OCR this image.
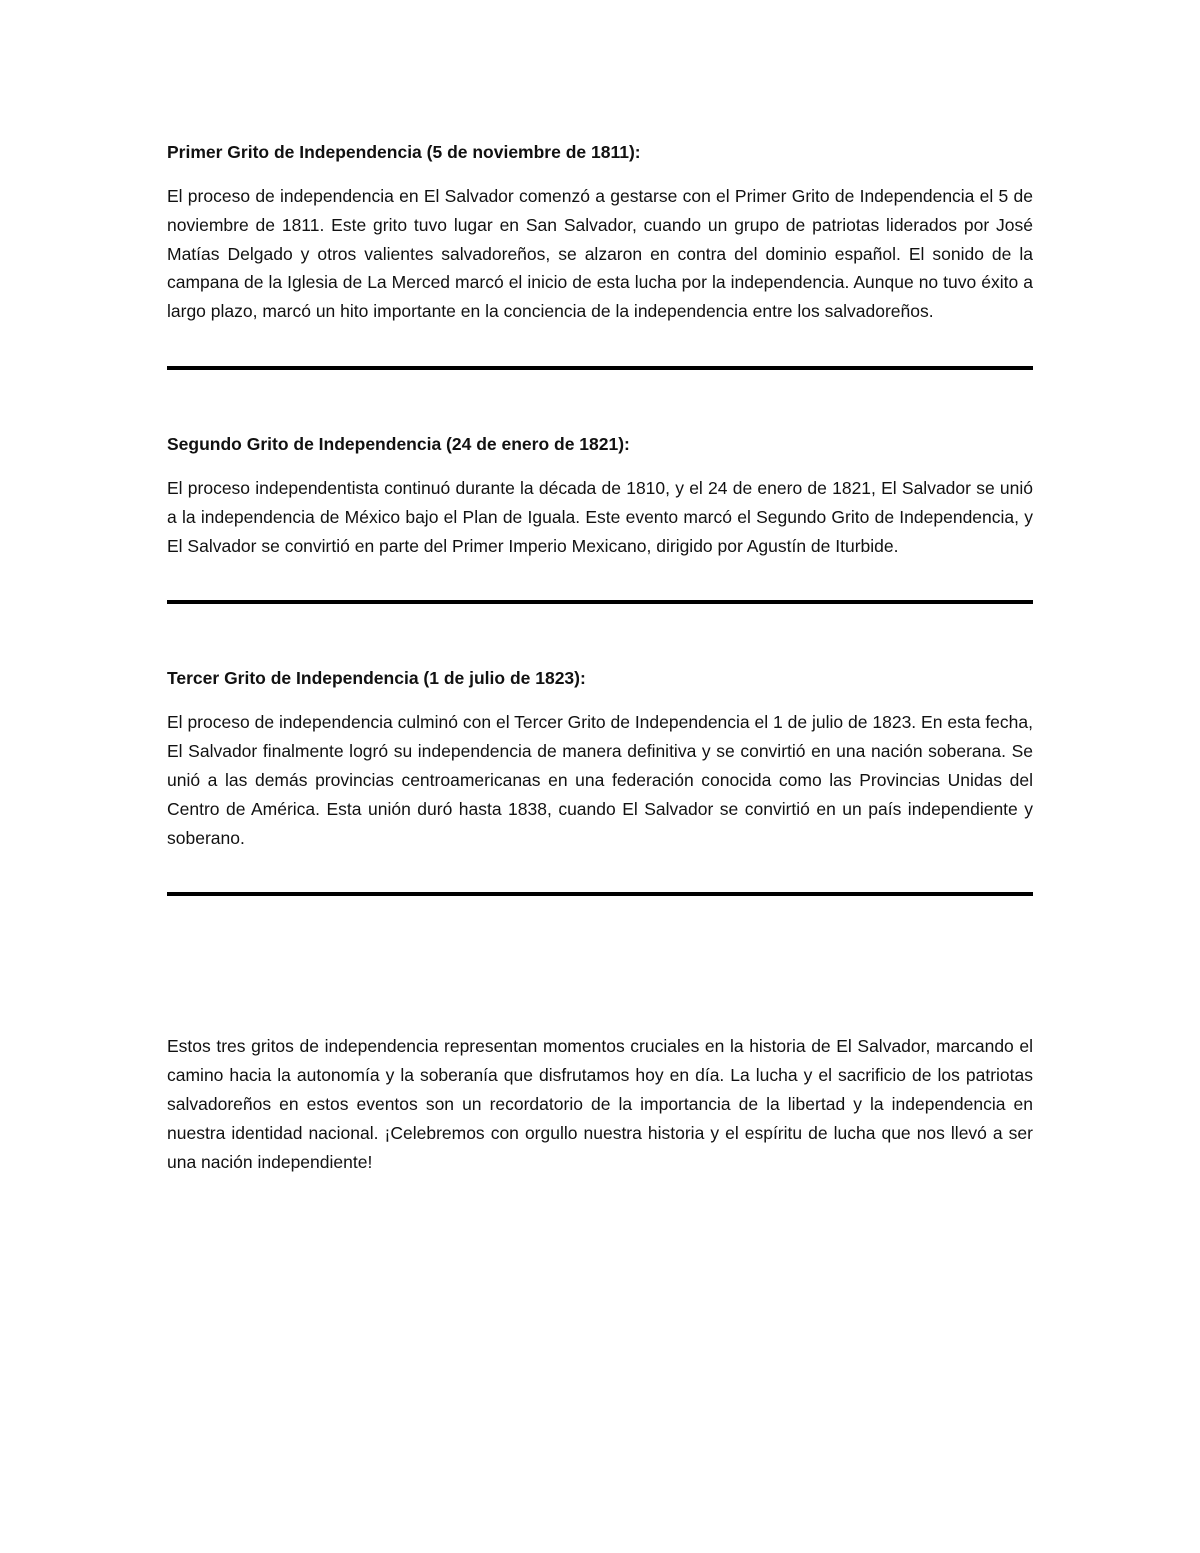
Primer Grito de Independencia (5 de noviembre de 1811):

El proceso de independencia en El Salvador comenzó a gestarse con el Primer Grito de Independencia el 5 de noviembre de 1811. Este grito tuvo lugar en San Salvador, cuando un grupo de patriotas liderados por José Matías Delgado y otros valientes salvadoreños, se alzaron en contra del dominio español. El sonido de la campana de la Iglesia de La Merced marcó el inicio de esta lucha por la independencia. Aunque no tuvo éxito a largo plazo, marcó un hito importante en la conciencia de la independencia entre los salvadoreños.

Segundo Grito de Independencia (24 de enero de 1821):

El proceso independentista continuó durante la década de 1810, y el 24 de enero de 1821, El Salvador se unió a la independencia de México bajo el Plan de Iguala. Este evento marcó el Segundo Grito de Independencia, y El Salvador se convirtió en parte del Primer Imperio Mexicano, dirigido por Agustín de Iturbide.

Tercer Grito de Independencia (1 de julio de 1823):

El proceso de independencia culminó con el Tercer Grito de Independencia el 1 de julio de 1823. En esta fecha, El Salvador finalmente logró su independencia de manera definitiva y se convirtió en una nación soberana. Se unió a las demás provincias centroamericanas en una federación conocida como las Provincias Unidas del Centro de América. Esta unión duró hasta 1838, cuando El Salvador se convirtió en un país independiente y soberano.

Estos tres gritos de independencia representan momentos cruciales en la historia de El Salvador, marcando el camino hacia la autonomía y la soberanía que disfrutamos hoy en día. La lucha y el sacrificio de los patriotas salvadoreños en estos eventos son un recordatorio de la importancia de la libertad y la independencia en nuestra identidad nacional. ¡Celebremos con orgullo nuestra historia y el espíritu de lucha que nos llevó a ser una nación independiente!
